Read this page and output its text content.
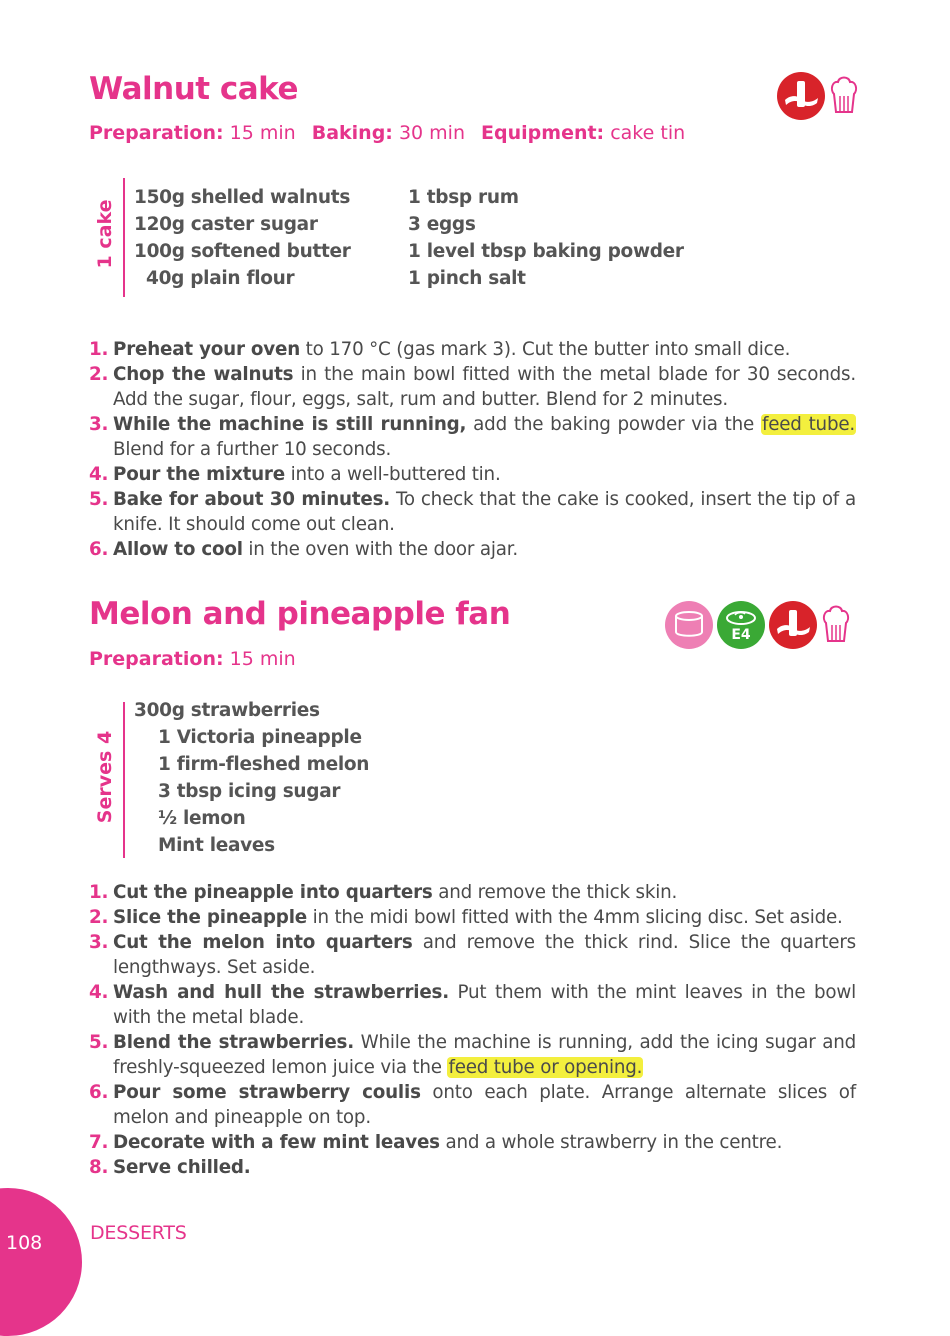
Walnut cake
Preparation: 15 min Baking: 30 min Equipment: cake tin
1 cake
150g shelled walnuts
120g caster sugar
100g softened butter
40g plain flour
1 tbsp rum
3 eggs
1 level tbsp baking powder
1 pinch salt
1. Preheat your oven to 170 °C (gas mark 3). Cut the butter into small dice.
2. Chop the walnuts in the main bowl fitted with the metal blade for 30 seconds. Add the sugar, flour, eggs, salt, rum and butter. Blend for 2 minutes.
3. While the machine is still running, add the baking powder via the feed tube. Blend for a further 10 seconds.
4. Pour the mixture into a well-buttered tin.
5. Bake for about 30 minutes. To check that the cake is cooked, insert the tip of a knife. It should come out clean.
6. Allow to cool in the oven with the door ajar.
Melon and pineapple fan
E4
Preparation: 15 min
Serves 4
300g strawberries
1 Victoria pineapple
1 firm-fleshed melon
3 tbsp icing sugar
½ lemon
Mint leaves
1. Cut the pineapple into quarters and remove the thick skin.
2. Slice the pineapple in the midi bowl fitted with the 4mm slicing disc. Set aside.
3. Cut the melon into quarters and remove the thick rind. Slice the quarters lengthways. Set aside.
4. Wash and hull the strawberries. Put them with the mint leaves in the bowl with the metal blade.
5. Blend the strawberries. While the machine is running, add the icing sugar and freshly-squeezed lemon juice via the feed tube or opening.
6. Pour some strawberry coulis onto each plate. Arrange alternate slices of melon and pineapple on top.
7. Decorate with a few mint leaves and a whole strawberry in the centre.
8. Serve chilled.
108	DESSERTS
